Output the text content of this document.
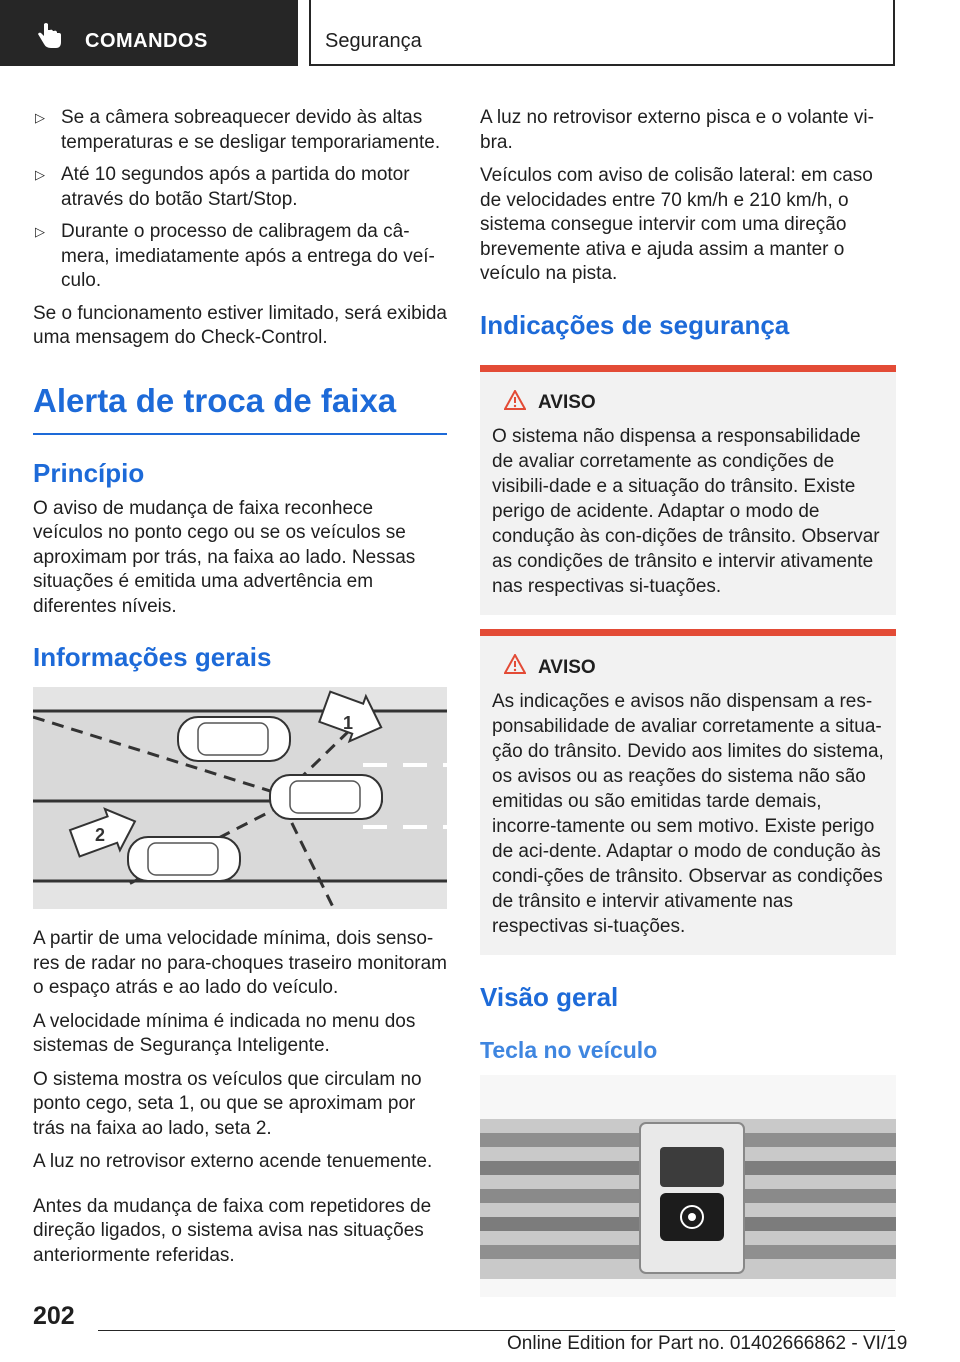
COMANDOS	Segurança
▷ Se a câmera sobreaquecer devido às altas temperaturas e se desligar temporariamente.
▷ Até 10 segundos após a partida do motor através do botão Start/Stop.
▷ Durante o processo de calibragem da câ-mera, imediatamente após a entrega do veí-culo.

Se o funcionamento estiver limitado, será exibida uma mensagem do Check-Control.

Alerta de troca de faixa
Princípio

O aviso de mudança de faixa reconhece veículos no ponto cego ou se os veículos se aproximam por trás, na faixa ao lado. Nessas situações é emitida uma advertência em diferentes níveis.

Informações gerais
1
2

A partir de uma velocidade mínima, dois senso-res de radar no para-choques traseiro monitoram o espaço atrás e ao lado do veículo.

A velocidade mínima é indicada no menu dos sistemas de Segurança Inteligente.

O sistema mostra os veículos que circulam no ponto cego, seta 1, ou que se aproximam por trás na faixa ao lado, seta 2.

A luz no retrovisor externo acende tenuemente.

Antes da mudança de faixa com repetidores de direção ligados, o sistema avisa nas situações anteriormente referidas.

A luz no retrovisor externo pisca e o volante vi-bra.

Veículos com aviso de colisão lateral: em caso de velocidades entre 70 km/h e 210 km/h, o sistema consegue intervir com uma direção brevemente ativa e ajuda assim a manter o veículo na pista.

Indicações de segurança
AVISO

O sistema não dispensa a responsabilidade de avaliar corretamente as condições de visibili-dade e a situação do trânsito. Existe perigo de acidente. Adaptar o modo de condução às con-dições de trânsito. Observar as condições de trânsito e intervir ativamente nas respectivas si-tuações.

AVISO

As indicações e avisos não dispensam a res-ponsabilidade de avaliar corretamente a situa-ção do trânsito. Devido aos limites do sistema, os avisos ou as reações do sistema não são emitidas ou são emitidas tarde demais, incorre-tamente ou sem motivo. Existe perigo de aci-dente. Adaptar o modo de condução às condi-ções de trânsito. Observar as condições de trânsito e intervir ativamente nas respectivas si-tuações.

Visão geral
Tecla no veículo
202
Online Edition for Part no. 01402666862 - VI/19
